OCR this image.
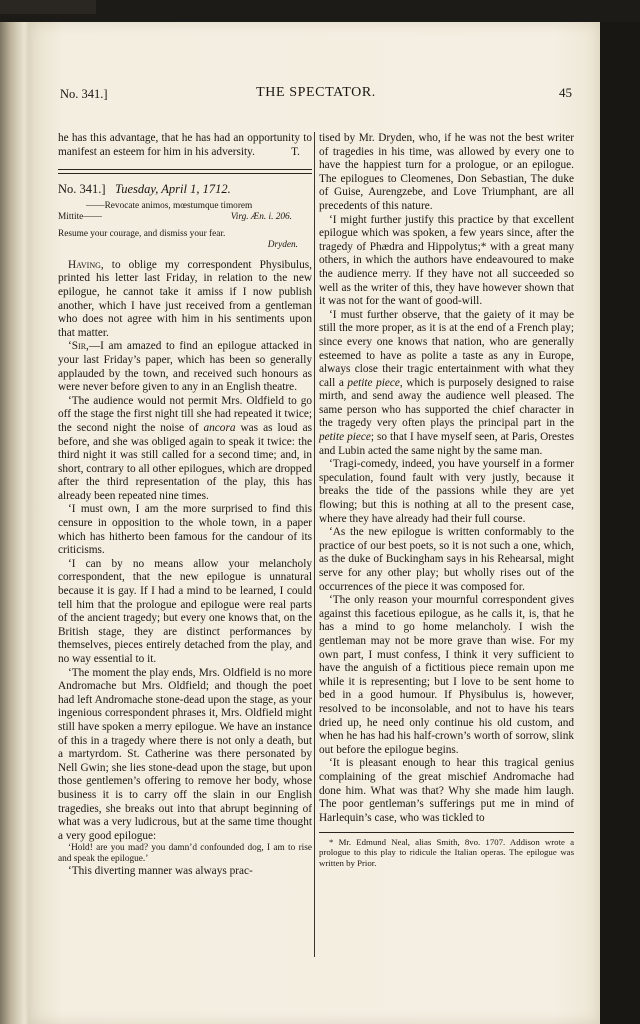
No. 341.]	THE SPECTATOR.	45

he has this advantage, that he has had an opportunity to manifest an esteem for him in his adversity.	T.
No. 341.] Tuesday, April 1, 1712.
——Revocate animos, mœstumque timorem
Mittite——	Virg. Æn. i. 206.
Resume your courage, and dismiss your fear.
Dryden.

Having, to oblige my correspondent Physibulus, printed his letter last Friday, in relation to the new epilogue, he cannot take it amiss if I now publish another, which I have just received from a gentleman who does not agree with him in his sentiments upon that matter.

‘Sir,—I am amazed to find an epilogue attacked in your last Friday’s paper, which has been so generally applauded by the town, and received such honours as were never before given to any in an English theatre.

‘The audience would not permit Mrs. Oldfield to go off the stage the first night till she had repeated it twice; the second night the noise of ancora was as loud as before, and she was obliged again to speak it twice: the third night it was still called for a second time; and, in short, contrary to all other epilogues, which are dropped after the third representation of the play, this has already been repeated nine times.

‘I must own, I am the more surprised to find this censure in opposition to the whole town, in a paper which has hitherto been famous for the candour of its criticisms.

‘I can by no means allow your melancholy correspondent, that the new epilogue is unnatural because it is gay. If I had a mind to be learned, I could tell him that the prologue and epilogue were real parts of the ancient tragedy; but every one knows that, on the British stage, they are distinct performances by themselves, pieces entirely detached from the play, and no way essential to it.

‘The moment the play ends, Mrs. Oldfield is no more Andromache but Mrs. Oldfield; and though the poet had left Andromache stone-dead upon the stage, as your ingenious correspondent phrases it, Mrs. Oldfield might still have spoken a merry epilogue. We have an instance of this in a tragedy where there is not only a death, but a martyrdom. St. Catherine was there personated by Nell Gwin; she lies stone-dead upon the stage, but upon those gentlemen’s offering to remove her body, whose business it is to carry off the slain in our English tragedies, she breaks out into that abrupt beginning of what was a very ludicrous, but at the same time thought a very good epilogue:

‘Hold! are you mad? you damn’d confounded dog, I am to rise and speak the epilogue.’

‘This diverting manner was always prac-

tised by Mr. Dryden, who, if he was not the best writer of tragedies in his time, was allowed by every one to have the happiest turn for a prologue, or an epilogue. The epilogues to Cleomenes, Don Sebastian, The duke of Guise, Aurengzebe, and Love Triumphant, are all precedents of this nature.

‘I might further justify this practice by that excellent epilogue which was spoken, a few years since, after the tragedy of Phædra and Hippolytus;* with a great many others, in which the authors have endeavoured to make the audience merry. If they have not all succeeded so well as the writer of this, they have however shown that it was not for the want of good-will.

‘I must further observe, that the gaiety of it may be still the more proper, as it is at the end of a French play; since every one knows that nation, who are generally esteemed to have as polite a taste as any in Europe, always close their tragic entertainment with what they call a petite piece, which is purposely designed to raise mirth, and send away the audience well pleased. The same person who has supported the chief character in the tragedy very often plays the principal part in the petite piece; so that I have myself seen, at Paris, Orestes and Lubin acted the same night by the same man.

‘Tragi-comedy, indeed, you have yourself in a former speculation, found fault with very justly, because it breaks the tide of the passions while they are yet flowing; but this is nothing at all to the present case, where they have already had their full course.

‘As the new epilogue is written conformably to the practice of our best poets, so it is not such a one, which, as the duke of Buckingham says in his Rehearsal, might serve for any other play; but wholly rises out of the occurrences of the piece it was composed for.

‘The only reason your mournful correspondent gives against this facetious epilogue, as he calls it, is, that he has a mind to go home melancholy. I wish the gentleman may not be more grave than wise. For my own part, I must confess, I think it very sufficient to have the anguish of a fictitious piece remain upon me while it is representing; but I love to be sent home to bed in a good humour. If Physibulus is, however, resolved to be inconsolable, and not to have his tears dried up, he need only continue his old custom, and when he has had his half-crown’s worth of sorrow, slink out before the epilogue begins.

‘It is pleasant enough to hear this tragical genius complaining of the great mischief Andromache had done him. What was that? Why she made him laugh. The poor gentleman’s sufferings put me in mind of Harlequin’s case, who was tickled to

* Mr. Edmund Neal, alias Smith, 8vo. 1707. Addison wrote a prologue to this play to ridicule the Italian operas. The epilogue was written by Prior.
